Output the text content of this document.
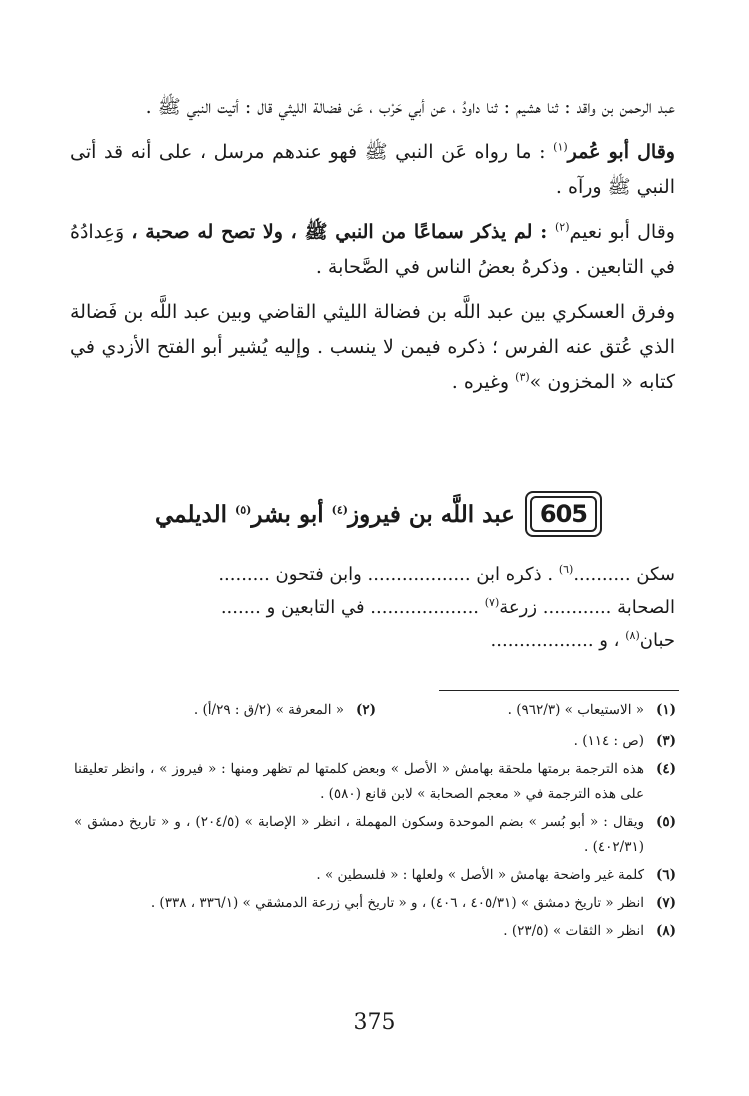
عبد الرحمن بن واقد : ثنا هشيم : ثنا داودُ ، عن أبي حَرْب ، عَن فضالة الليثي قال : أتيت النبي ﷺ .

وقال أبو عُمر$^{(١)}$ : ما رواه عَن النبي ﷺ فهو عندهم مرسل ، على أنه قد أتى النبي ﷺ ورآه .

وقال أبو نعيم$^{(٢)}$ : لم يذكر سماعًا من النبي ﷺ ، ولا تصح له صحبة ، وَعِدادُهُ في التابعين . وذكرهُ بعضُ الناس في الصَّحابة .

وفرق العسكري بين عبد اللَّه بن فضالة الليثي القاضي وبين عبد اللَّه بن فَضالة الذي عُتق عنه الفرس ؛ ذكره فيمن لا ينسب . وإليه يُشير أبو الفتح الأزدي في كتابه « المخزون »$^{(٣)}$ وغيره .

605
عبد اللَّه بن فيروز$^{(٤)}$ أبو بشر$^{(٥)}$ الديلمي
سكن ..........$^{(٦)}$ . ذكره ابن .................. وابن فتحون .........
الصحابة ............ زرعة$^{(٧)}$ ................... في التابعين و .......
حبان$^{(٨)}$ ، و ..................
(١)
« الاستيعاب » (٩٦٢/٣) .
(٢)
« المعرفة » (٢/ق : ٢٩/أ) .
(٣)
(ص : ١١٤) .
(٤)
هذه الترجمة برمتها ملحقة بهامش « الأصل » وبعض كلمتها لم تظهر ومنها : « فيروز » ، وانظر تعليقنا على هذه الترجمة في « معجم الصحابة » لابن قانع (٥٨٠) .
(٥)
ويقال : « أبو بُسر » بضم الموحدة وسكون المهملة ، انظر « الإصابة » (٢٠٤/٥) ، و « تاريخ دمشق » (٤٠٢/٣١) .
(٦)
كلمة غير واضحة بهامش « الأصل » ولعلها : « فلسطين » .
(٧)
انظر « تاريخ دمشق » (٤٠٥/٣١ ، ٤٠٦) ، و « تاريخ أبي زرعة الدمشقي » (٣٣٦/١ ، ٣٣٨) .
(٨)
انظر « الثقات » (٢٣/٥) .
375
